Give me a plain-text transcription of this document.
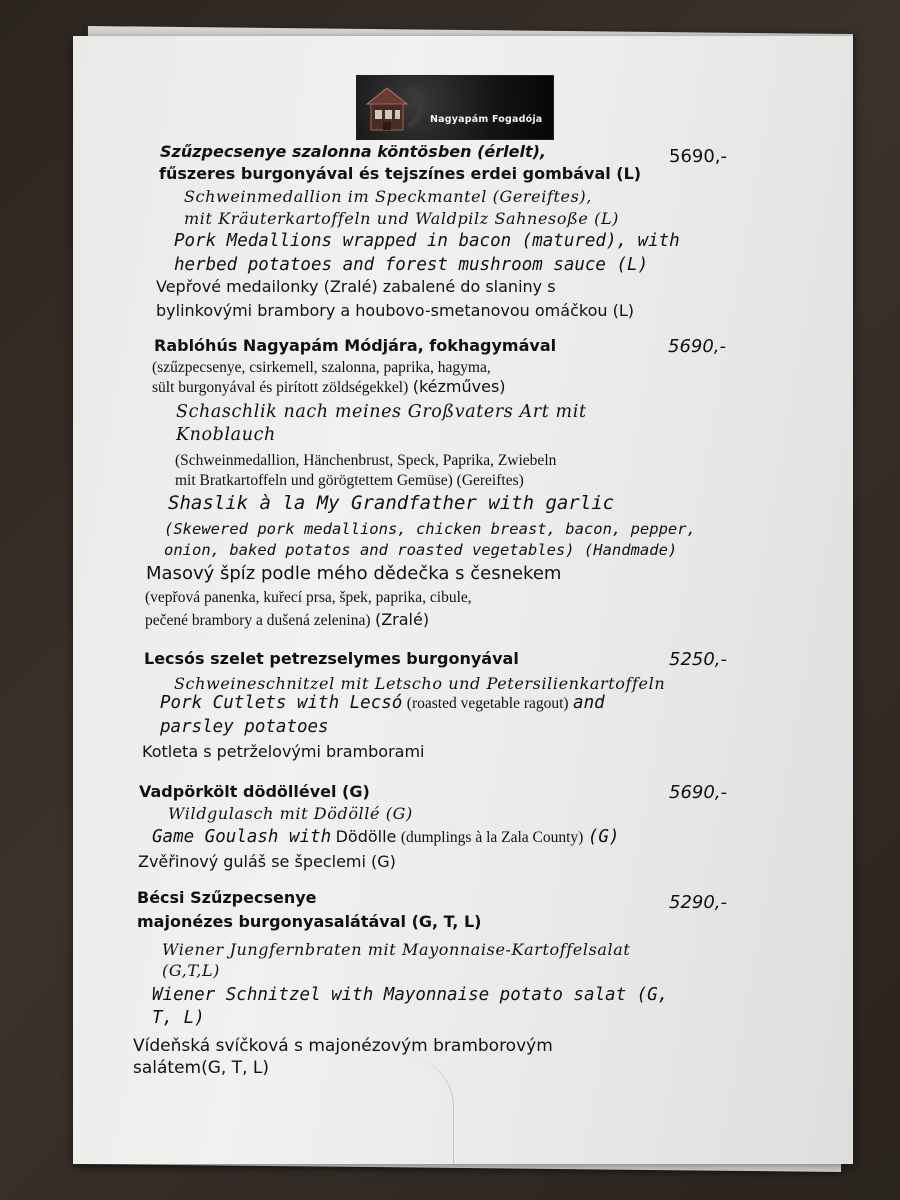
Nagyapám Fogadója
Szűzpecsenye szalonna köntösben (érlelt),
fűszeres burgonyával és tejszínes erdei gombával (L)
5690,-
Schweinmedallion im Speckmantel (Gereiftes),
mit Kräuterkartoffeln und Waldpilz Sahnesoße (L)
Pork Medallions wrapped in bacon (matured), with
herbed potatoes and forest mushroom sauce (L)
Vepřové medailonky (Zralé) zabalené do slaniny s
bylinkovými brambory a houbovo-smetanovou omáčkou (L)
Rablóhús Nagyapám Módjára, fokhagymával	5690,-
(szűzpecsenye, csirkemell, szalonna, paprika, hagyma,
sült burgonyával és pirított zöldségekkel) (kézműves)
Schaschlik nach meines Großvaters Art mit
Knoblauch
(Schweinmedallion, Hänchenbrust, Speck, Paprika, Zwiebeln
mit Bratkartoffeln und görögtettem Gemüse) (Gereiftes)
Shaslik à la My Grandfather with garlic
(Skewered pork medallions, chicken breast, bacon, pepper,
onion, baked potatos and roasted vegetables) (Handmade)
Masový špíz podle mého dědečka s česnekem
(vepřová panenka, kuřecí prsa, špek, paprika, cibule,
pečené brambory a dušená zelenina) (Zralé)
Lecsós szelet petrezselymes burgonyával	5250,-
Schweineschnitzel mit Letscho und Petersilienkartoffeln
Pork Cutlets with Lecsó (roasted vegetable ragout) and
parsley potatoes
Kotleta s petrželovými bramborami
Vadpörkölt dödöllével (G)	5690,-
Wildgulasch mit Dödöllé (G)
Game Goulash with Dödölle (dumplings à la Zala County) (G)
Zvěřinový guláš se špeclemi (G)
Bécsi Szűzpecsenye
majonézes burgonyasalátával (G, T, L)
5290,-
Wiener Jungfernbraten mit Mayonnaise-Kartoffelsalat
(G,T,L)
Wiener Schnitzel with Mayonnaise potato salat (G,
T, L)
Vídeňská svíčková s majonézovým bramborovým
salátem(G, T, L)
